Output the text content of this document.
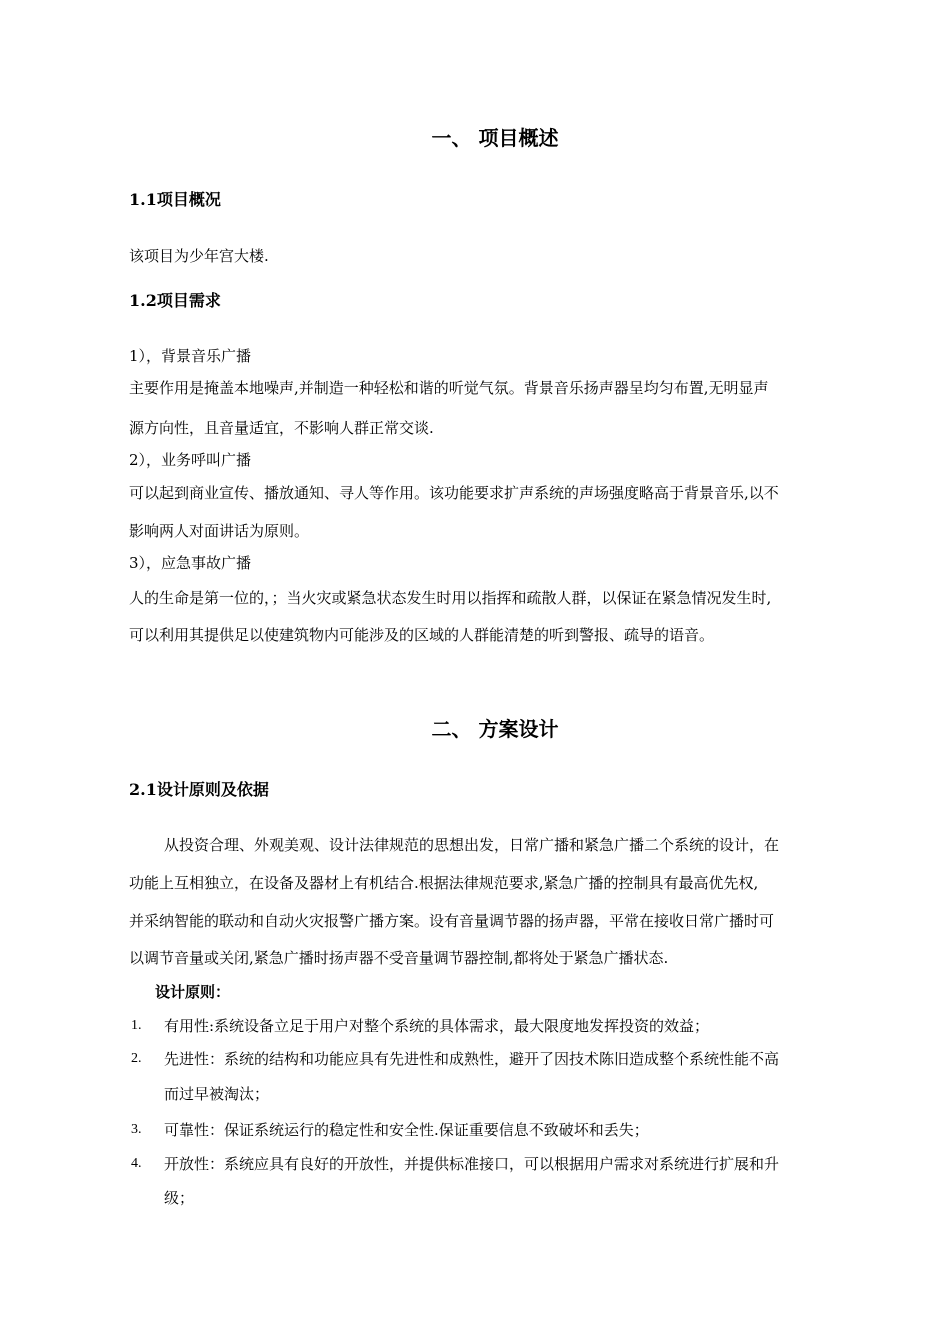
一、 项目概述
1.1项目概况
该项目为少年宫大楼.
1.2项目需求
1），背景音乐广播
主要作用是掩盖本地噪声,并制造一种轻松和谐的听觉气氛。背景音乐扬声器呈均匀布置,无明显声
源方向性，且音量适宜，不影响人群正常交谈.
2），业务呼叫广播
可以起到商业宣传、播放通知、寻人等作用。该功能要求扩声系统的声场强度略高于背景音乐,以不
影响两人对面讲话为原则。
3），应急事故广播
人的生命是第一位的，；当火灾或紧急状态发生时用以指挥和疏散人群，以保证在紧急情况发生时,
可以利用其提供足以使建筑物内可能涉及的区域的人群能清楚的听到警报、疏导的语音。
二、 方案设计
2.1设计原则及依据
从投资合理、外观美观、设计法律规范的思想出发，日常广播和紧急广播二个系统的设计，在
功能上互相独立，在设备及器材上有机结合.根据法律规范要求,紧急广播的控制具有最高优先权,
并采纳智能的联动和自动火灾报警广播方案。设有音量调节器的扬声器，平常在接收日常广播时可
以调节音量或关闭,紧急广播时扬声器不受音量调节器控制,都将处于紧急广播状态.
设计原则：
1. 有用性:系统设备立足于用户对整个系统的具体需求，最大限度地发挥投资的效益；
2. 先进性：系统的结构和功能应具有先进性和成熟性，避开了因技术陈旧造成整个系统性能不高
而过早被淘汰；
3. 可靠性：保证系统运行的稳定性和安全性.保证重要信息不致破坏和丢失；
4. 开放性：系统应具有良好的开放性，并提供标准接口，可以根据用户需求对系统进行扩展和升
级；
